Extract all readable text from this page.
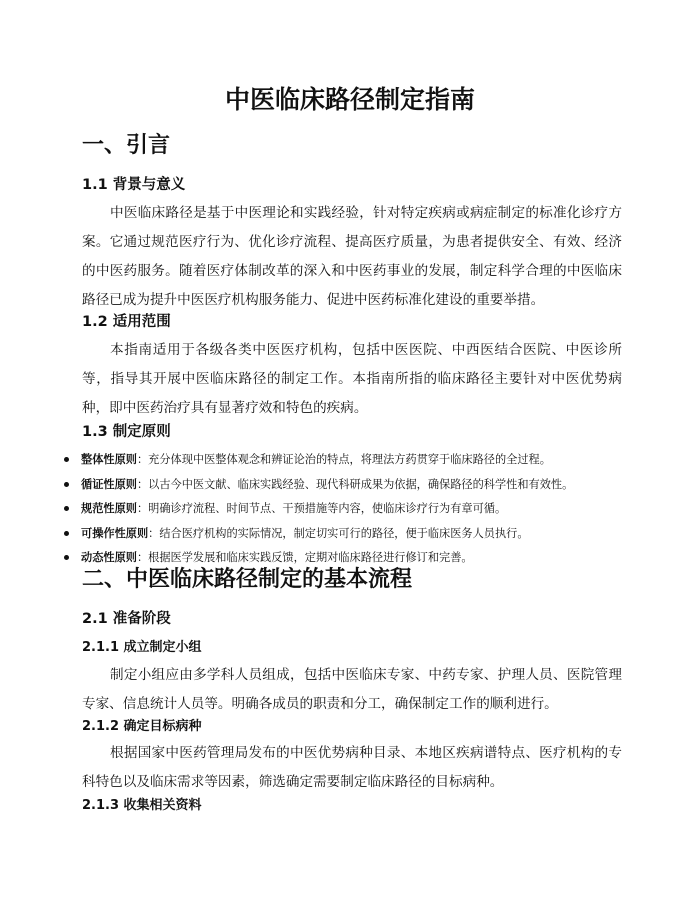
中医临床路径制定指南
一、引言
1.1 背景与意义

中医临床路径是基于中医理论和实践经验，针对特定疾病或病症制定的标准化诊疗方案。它通过规范医疗行为、优化诊疗流程、提高医疗质量，为患者提供安全、有效、经济的中医药服务。随着医疗体制改革的深入和中医药事业的发展，制定科学合理的中医临床路径已成为提升中医医疗机构服务能力、促进中医药标准化建设的重要举措。

1.2 适用范围

本指南适用于各级各类中医医疗机构，包括中医医院、中西医结合医院、中医诊所等，指导其开展中医临床路径的制定工作。本指南所指的临床路径主要针对中医优势病种，即中医药治疗具有显著疗效和特色的疾病。

1.3 制定原则
整体性原则：充分体现中医整体观念和辨证论治的特点，将理法方药贯穿于临床路径的全过程。
循证性原则：以古今中医文献、临床实践经验、现代科研成果为依据，确保路径的科学性和有效性。
规范性原则：明确诊疗流程、时间节点、干预措施等内容，使临床诊疗行为有章可循。
可操作性原则：结合医疗机构的实际情况，制定切实可行的路径，便于临床医务人员执行。
动态性原则：根据医学发展和临床实践反馈，定期对临床路径进行修订和完善。
二、中医临床路径制定的基本流程
2.1 准备阶段
2.1.1 成立制定小组

制定小组应由多学科人员组成，包括中医临床专家、中药专家、护理人员、医院管理专家、信息统计人员等。明确各成员的职责和分工，确保制定工作的顺利进行。

2.1.2 确定目标病种

根据国家中医药管理局发布的中医优势病种目录、本地区疾病谱特点、医疗机构的专科特色以及临床需求等因素，筛选确定需要制定临床路径的目标病种。

2.1.3 收集相关资料
